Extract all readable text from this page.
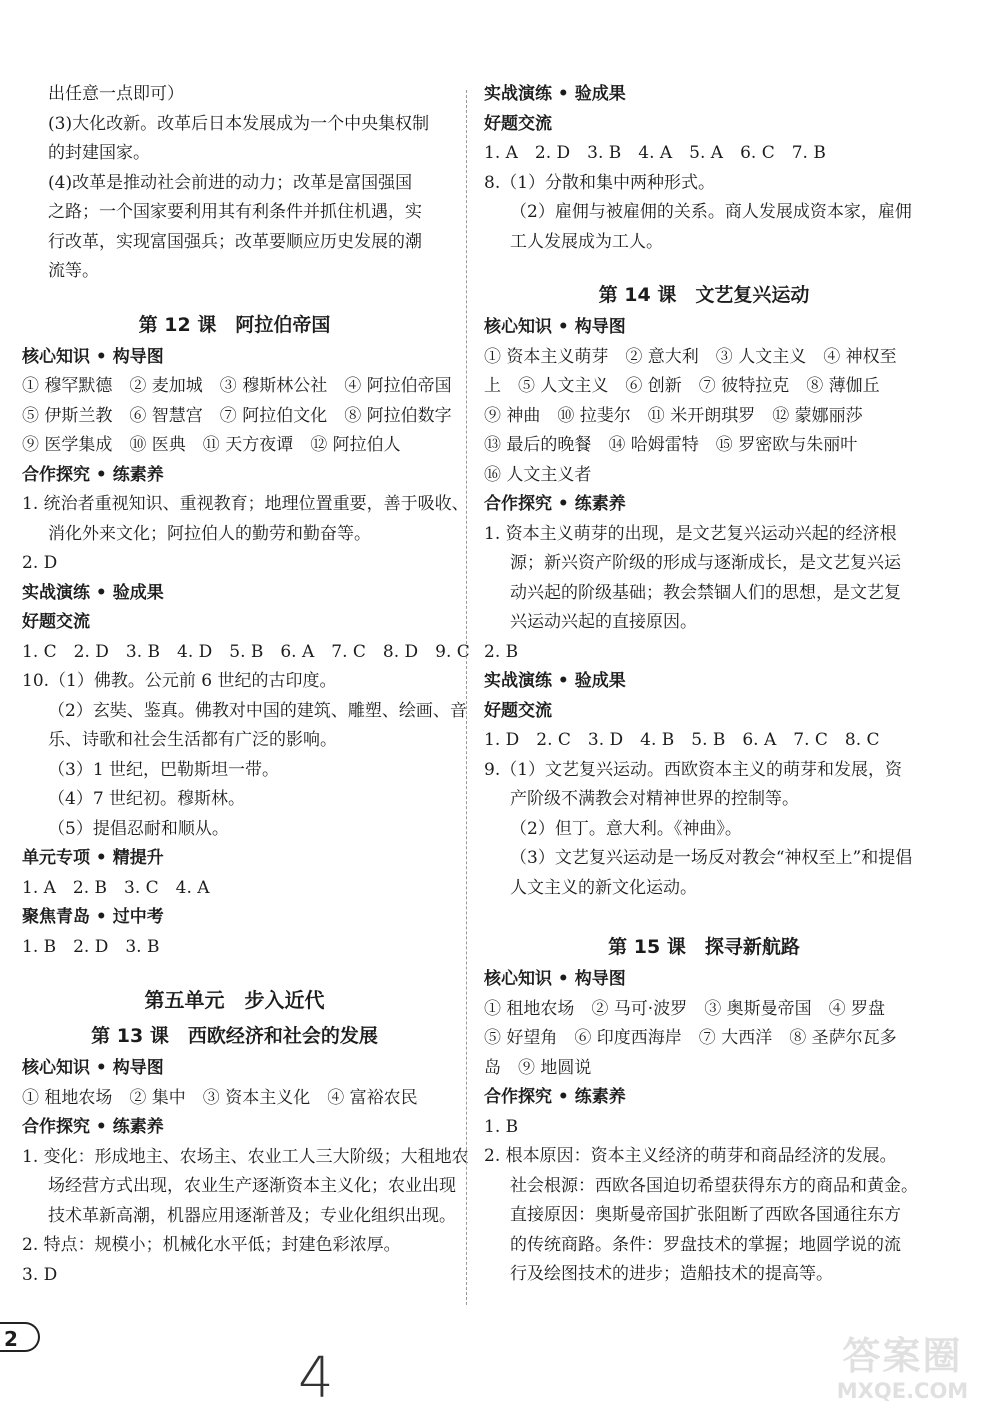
出任意一点即可）
(3)大化改新。改革后日本发展成为一个中央集权制
的封建国家。
(4)改革是推动社会前进的动力；改革是富国强国
之路；一个国家要利用其有利条件并抓住机遇，实
行改革，实现富国强兵；改革要顺应历史发展的潮
流等。
第 12 课　阿拉伯帝国
核心知识 • 构导图
① 穆罕默德　② 麦加城　③ 穆斯林公社　④ 阿拉伯帝国
⑤ 伊斯兰教　⑥ 智慧宫　⑦ 阿拉伯文化　⑧ 阿拉伯数字
⑨ 医学集成　⑩ 医典　⑪ 天方夜谭　⑫ 阿拉伯人
合作探究 • 练素养
1. 统治者重视知识、重视教育；地理位置重要，善于吸收、
消化外来文化；阿拉伯人的勤劳和勤奋等。
2. D
实战演练 • 验成果
好题交流
1. C　2. D　3. B　4. D　5. B　6. A　7. C　8. D　9. C
10.（1）佛教。公元前 6 世纪的古印度。
（2）玄奘、鉴真。佛教对中国的建筑、雕塑、绘画、音
乐、诗歌和社会生活都有广泛的影响。
（3）1 世纪，巴勒斯坦一带。
（4）7 世纪初。穆斯林。
（5）提倡忍耐和顺从。
单元专项 • 精提升
1. A　2. B　3. C　4. A
聚焦青岛 • 过中考
1. B　2. D　3. B
第五单元　步入近代
第 13 课　西欧经济和社会的发展
核心知识 • 构导图
① 租地农场　② 集中　③ 资本主义化　④ 富裕农民
合作探究 • 练素养
1. 变化：形成地主、农场主、农业工人三大阶级；大租地农
场经营方式出现，农业生产逐渐资本主义化；农业出现
技术革新高潮，机器应用逐渐普及；专业化组织出现。
2. 特点：规模小；机械化水平低；封建色彩浓厚。
3. D
实战演练 • 验成果
好题交流
1. A　2. D　3. B　4. A　5. A　6. C　7. B
8.（1）分散和集中两种形式。
（2）雇佣与被雇佣的关系。商人发展成资本家，雇佣
工人发展成为工人。
第 14 课　文艺复兴运动
核心知识 • 构导图
① 资本主义萌芽　② 意大利　③ 人文主义　④ 神权至
上　⑤ 人文主义　⑥ 创新　⑦ 彼特拉克　⑧ 薄伽丘
⑨ 神曲　⑩ 拉斐尔　⑪ 米开朗琪罗　⑫ 蒙娜丽莎
⑬ 最后的晚餐　⑭ 哈姆雷特　⑮ 罗密欧与朱丽叶
⑯ 人文主义者
合作探究 • 练素养
1. 资本主义萌芽的出现，是文艺复兴运动兴起的经济根
源；新兴资产阶级的形成与逐渐成长，是文艺复兴运
动兴起的阶级基础；教会禁锢人们的思想，是文艺复
兴运动兴起的直接原因。
2. B
实战演练 • 验成果
好题交流
1. D　2. C　3. D　4. B　5. B　6. A　7. C　8. C
9.（1）文艺复兴运动。西欧资本主义的萌芽和发展，资
产阶级不满教会对精神世界的控制等。
（2）但丁。意大利。《神曲》。
（3）文艺复兴运动是一场反对教会“神权至上”和提倡
人文主义的新文化运动。
第 15 课　探寻新航路
核心知识 • 构导图
① 租地农场　② 马可·波罗　③ 奥斯曼帝国　④ 罗盘
⑤ 好望角　⑥ 印度西海岸　⑦ 大西洋　⑧ 圣萨尔瓦多
岛　⑨ 地圆说
合作探究 • 练素养
1. B
2. 根本原因：资本主义经济的萌芽和商品经济的发展。
社会根源：西欧各国迫切希望获得东方的商品和黄金。
直接原因：奥斯曼帝国扩张阻断了西欧各国通往东方
的传统商路。条件：罗盘技术的掌握；地圆学说的流
行及绘图技术的进步；造船技术的提高等。
2
4	答案圈
MXQE.COM
